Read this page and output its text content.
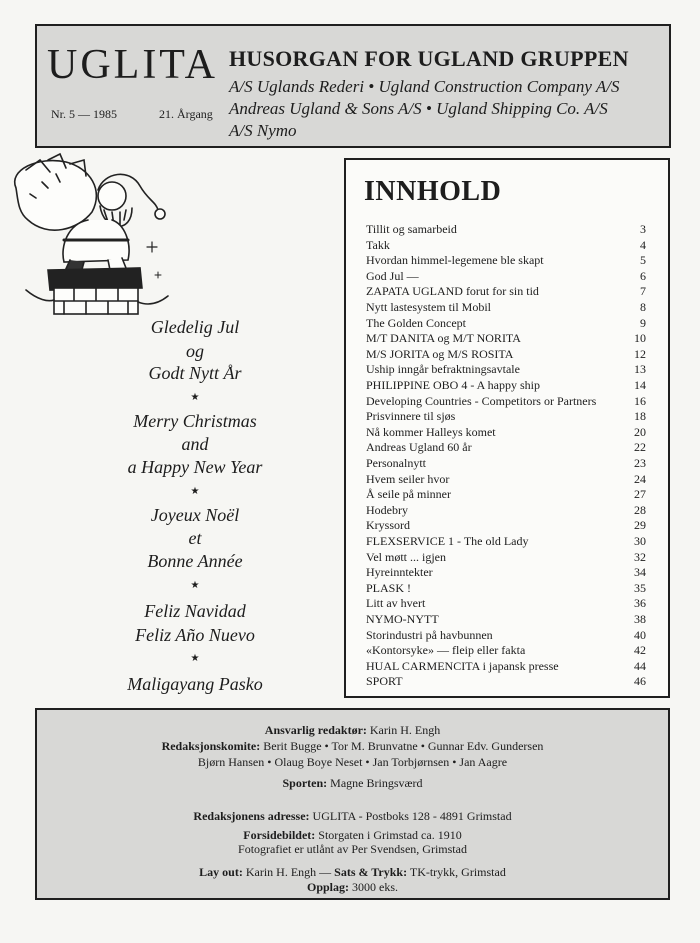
UGLITA
Nr. 5 — 1985	21. Årgang
HUSORGAN FOR UGLAND GRUPPEN
A/S Uglands Rederi • Ugland Construction Company A/S
Andreas Ugland & Sons A/S • Ugland Shipping Co. A/S
A/S Nymo
Gledelig Jul
og
Godt Nytt År
★
Merry Christmas
and
a Happy New Year
★
Joyeux Noël
et
Bonne Année
★
Feliz Navidad
Feliz Año Nuevo
★
Maligayang Pasko
INNHOLD
Tillit og samarbeid	3
Takk	4
Hvordan himmel-legemene ble skapt	5
God Jul —	6
ZAPATA UGLAND forut for sin tid	7
Nytt lastesystem til Mobil	8
The Golden Concept	9
M/T DANITA og M/T NORITA	10
M/S JORITA og M/S ROSITA	12
Uship inngår befraktningsavtale	13
PHILIPPINE OBO 4 - A happy ship	14
Developing Countries - Competitors or Partners	16
Prisvinnere til sjøs	18
Nå kommer Halleys komet	20
Andreas Ugland 60 år	22
Personalnytt	23
Hvem seiler hvor	24
Å seile på minner	27
Hodebry	28
Kryssord	29
FLEXSERVICE 1 - The old Lady	30
Vel møtt ... igjen	32
Hyreinntekter	34
PLASK !	35
Litt av hvert	36
NYMO-NYTT	38
Storindustri på havbunnen	40
«Kontorsyke» — fleip eller fakta	42
HUAL CARMENCITA i japansk presse	44
SPORT	46
Ansvarlig redaktør: Karin H. Engh
Redaksjonskomite: Berit Bugge • Tor M. Brunvatne • Gunnar Edv. Gundersen
Bjørn Hansen • Olaug Boye Neset • Jan Torbjørnsen • Jan Aagre
Sporten: Magne Bringsværd
Redaksjonens adresse: UGLITA - Postboks 128 - 4891 Grimstad
Forsidebildet: Storgaten i Grimstad ca. 1910
Fotografiet er utlånt av Per Svendsen, Grimstad
Lay out: Karin H. Engh — Sats & Trykk: TK-trykk, Grimstad
Opplag: 3000 eks.
